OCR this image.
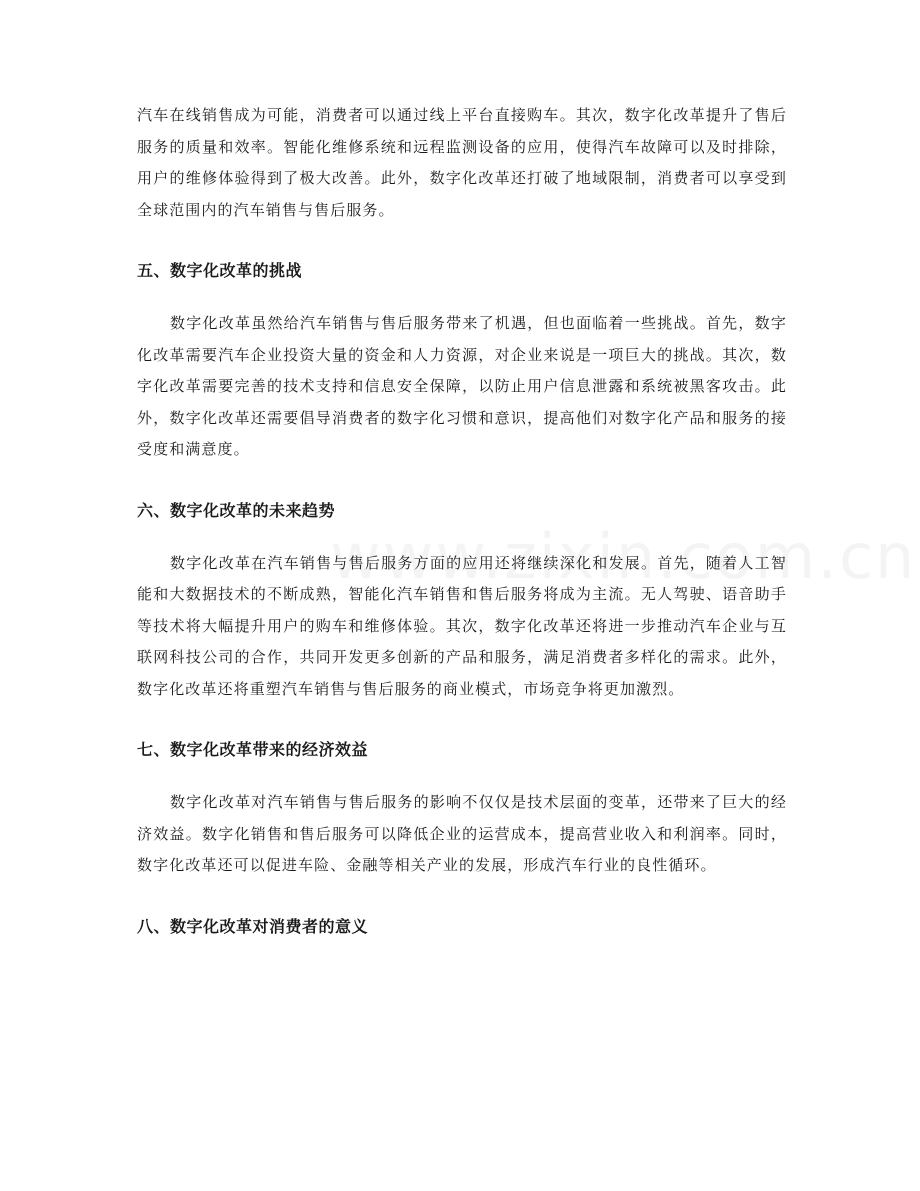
汽车在线销售成为可能，消费者可以通过线上平台直接购车。其次，数字化改革提升了售后服务的质量和效率。智能化维修系统和远程监测设备的应用，使得汽车故障可以及时排除，用户的维修体验得到了极大改善。此外，数字化改革还打破了地域限制，消费者可以享受到全球范围内的汽车销售与售后服务。

五、数字化改革的挑战

数字化改革虽然给汽车销售与售后服务带来了机遇，但也面临着一些挑战。首先，数字化改革需要汽车企业投资大量的资金和人力资源，对企业来说是一项巨大的挑战。其次，数字化改革需要完善的技术支持和信息安全保障，以防止用户信息泄露和系统被黑客攻击。此外，数字化改革还需要倡导消费者的数字化习惯和意识，提高他们对数字化产品和服务的接受度和满意度。

六、数字化改革的未来趋势

数字化改革在汽车销售与售后服务方面的应用还将继续深化和发展。首先，随着人工智能和大数据技术的不断成熟，智能化汽车销售和售后服务将成为主流。无人驾驶、语音助手等技术将大幅提升用户的购车和维修体验。其次，数字化改革还将进一步推动汽车企业与互联网科技公司的合作，共同开发更多创新的产品和服务，满足消费者多样化的需求。此外，数字化改革还将重塑汽车销售与售后服务的商业模式，市场竞争将更加激烈。

七、数字化改革带来的经济效益

数字化改革对汽车销售与售后服务的影响不仅仅是技术层面的变革，还带来了巨大的经济效益。数字化销售和售后服务可以降低企业的运营成本，提高营业收入和利润率。同时，数字化改革还可以促进车险、金融等相关产业的发展，形成汽车行业的良性循环。

八、数字化改革对消费者的意义
